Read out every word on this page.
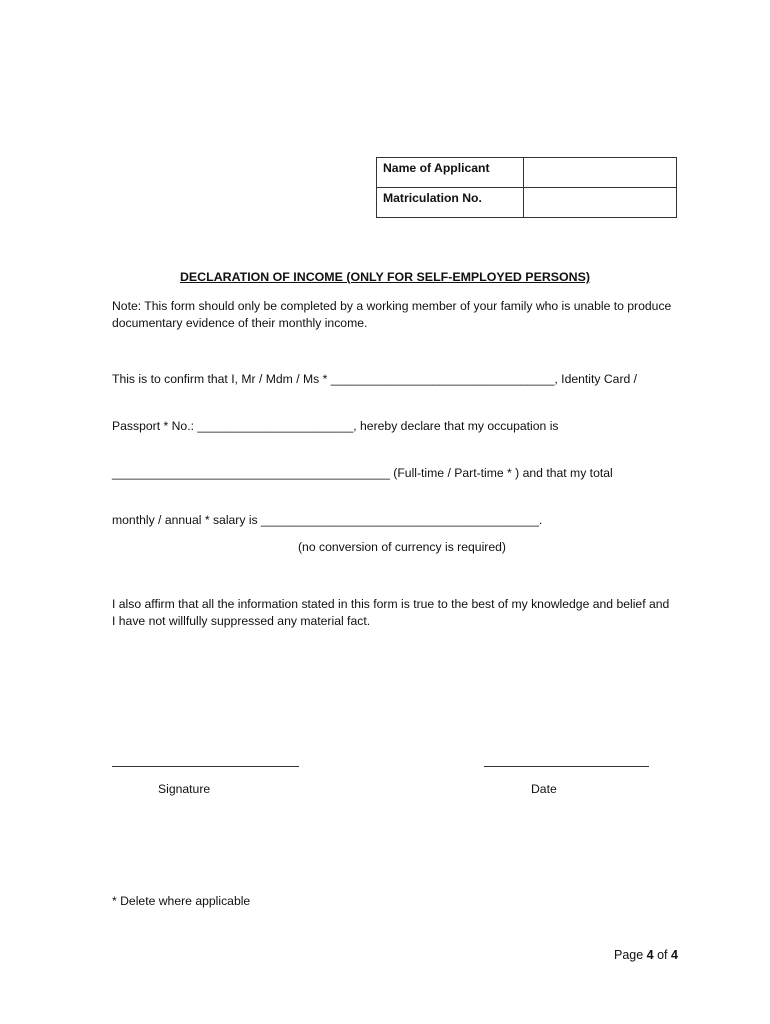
Name of Applicant	
Matriculation No.	
DECLARATION OF INCOME (ONLY FOR SELF-EMPLOYED PERSONS)
Note: This form should only be completed by a working member of your family who is unable to produce documentary evidence of their monthly income.
This is to confirm that I, Mr / Mdm / Ms * _________________________________, Identity Card /
Passport * No.: _______________________, hereby declare that my occupation is
_________________________________________ (Full-time / Part-time * ) and that my total
monthly / annual * salary is _________________________________________.
(no conversion of currency is required)
I also affirm that all the information stated in this form is true to the best of my knowledge and belief and I have not willfully suppressed any material fact.
Signature	Date
* Delete where applicable
Page 4 of 4
